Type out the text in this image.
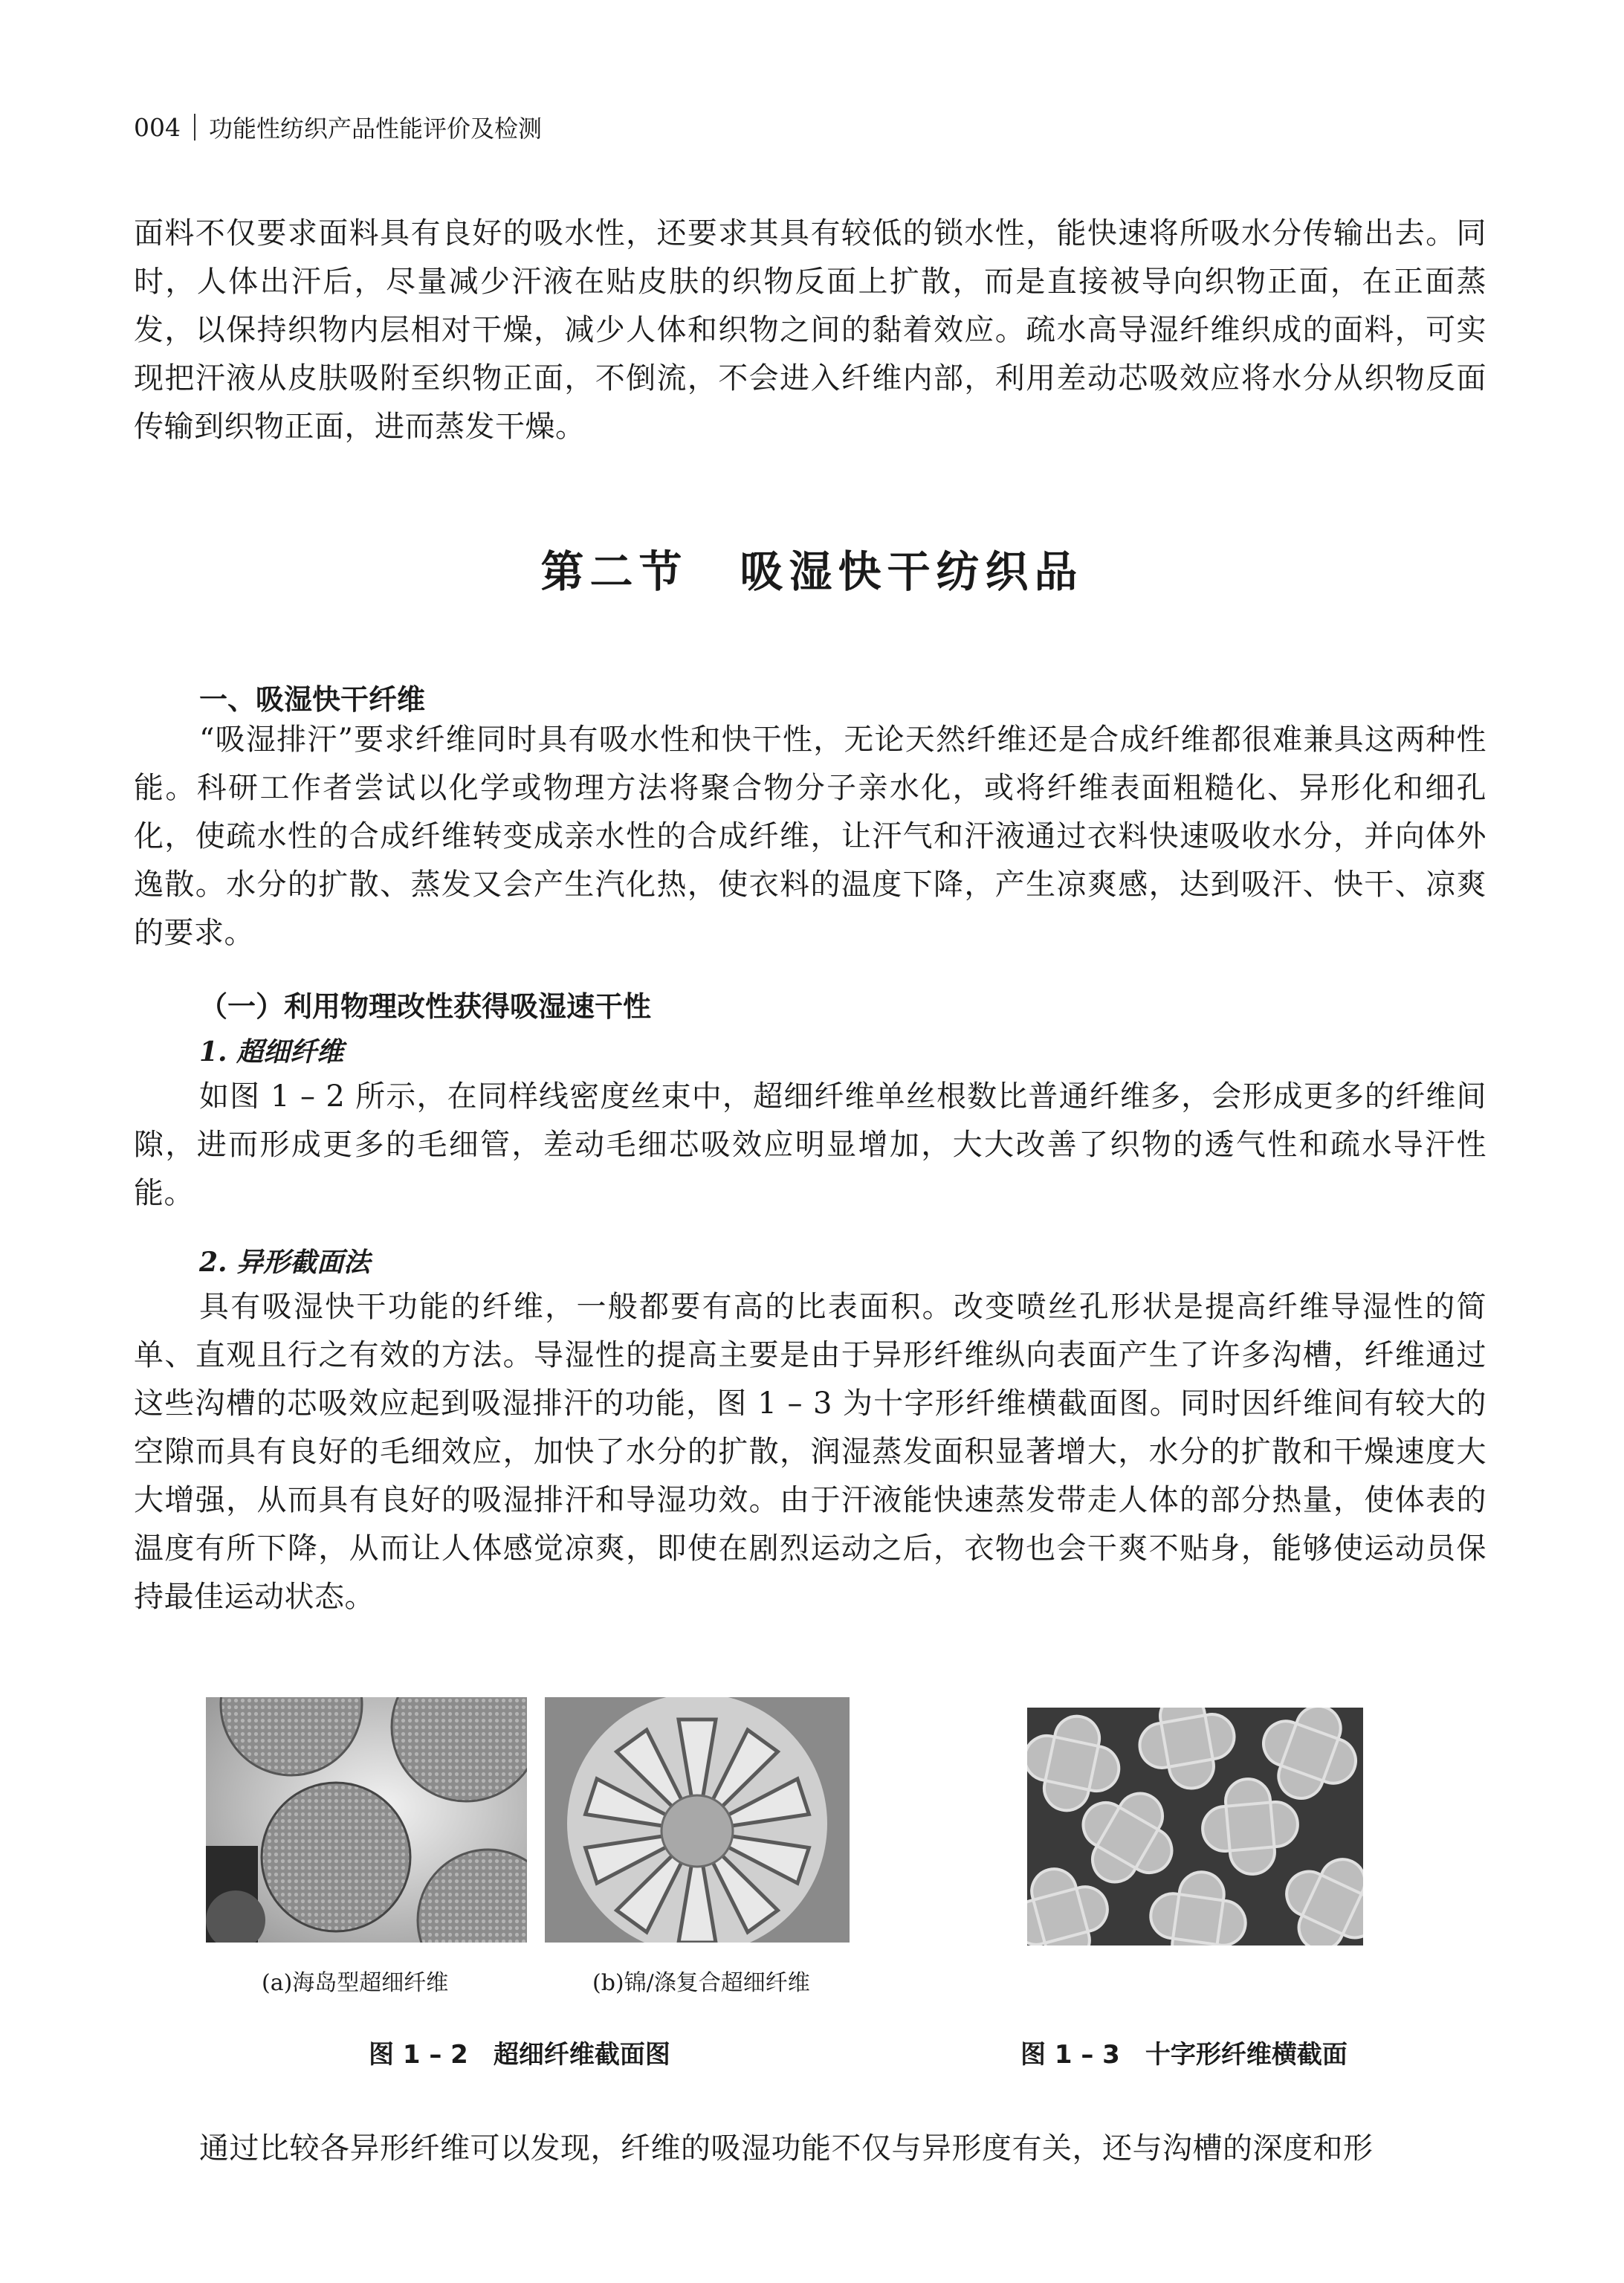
004 功能性纺织产品性能评价及检测

面料不仅要求面料具有良好的吸水性，还要求其具有较低的锁水性，能快速将所吸水分传输出去。同时，人体出汗后，尽量减少汗液在贴皮肤的织物反面上扩散，而是直接被导向织物正面，在正面蒸发，以保持织物内层相对干燥，减少人体和织物之间的黏着效应。疏水高导湿纤维织成的面料，可实现把汗液从皮肤吸附至织物正面，不倒流，不会进入纤维内部，利用差动芯吸效应将水分从织物反面传输到织物正面，进而蒸发干燥。

第二节 吸湿快干纺织品
一、吸湿快干纤维

“吸湿排汗”要求纤维同时具有吸水性和快干性，无论天然纤维还是合成纤维都很难兼具这两种性能。科研工作者尝试以化学或物理方法将聚合物分子亲水化，或将纤维表面粗糙化、异形化和细孔化，使疏水性的合成纤维转变成亲水性的合成纤维，让汗气和汗液通过衣料快速吸收水分，并向体外逸散。水分的扩散、蒸发又会产生汽化热，使衣料的温度下降，产生凉爽感，达到吸汗、快干、凉爽的要求。

（一）利用物理改性获得吸湿速干性
1. 超细纤维

如图 1 – 2 所示，在同样线密度丝束中，超细纤维单丝根数比普通纤维多，会形成更多的纤维间隙，进而形成更多的毛细管，差动毛细芯吸效应明显增加，大大改善了织物的透气性和疏水导汗性能。

2. 异形截面法

具有吸湿快干功能的纤维，一般都要有高的比表面积。改变喷丝孔形状是提高纤维导湿性的简单、直观且行之有效的方法。导湿性的提高主要是由于异形纤维纵向表面产生了许多沟槽，纤维通过这些沟槽的芯吸效应起到吸湿排汗的功能，图 1 – 3 为十字形纤维横截面图。同时因纤维间有较大的空隙而具有良好的毛细效应，加快了水分的扩散，润湿蒸发面积显著增大，水分的扩散和干燥速度大大增强，从而具有良好的吸湿排汗和导湿功效。由于汗液能快速蒸发带走人体的部分热量，使体表的温度有所下降，从而让人体感觉凉爽，即使在剧烈运动之后，衣物也会干爽不贴身，能够使运动员保持最佳运动状态。

(a)海岛型超细纤维	(b)锦/涤复合超细纤维
图 1 – 2　超细纤维截面图	图 1 – 3　十字形纤维横截面

通过比较各异形纤维可以发现，纤维的吸湿功能不仅与异形度有关，还与沟槽的深度和形
